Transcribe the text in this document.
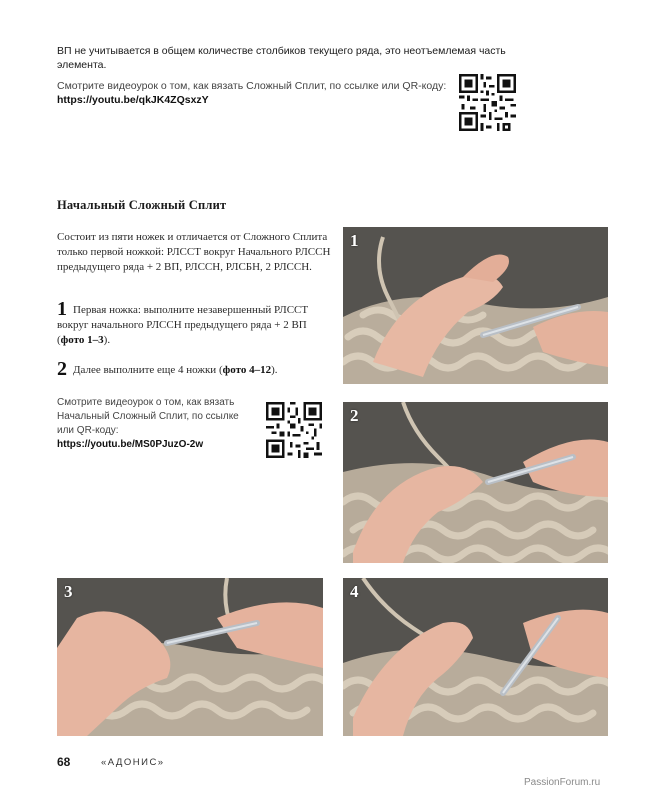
ВП не учитывается в общем количестве столбиков текущего ряда, это неотъемлемая часть элемента.

Смотрите видеоурок о том, как вязать Сложный Сплит, по ссылке или QR-коду:
https://youtu.be/qkJK4ZQsxzY
Начальный Сложный Сплит

Состоит из пяти ножек и отличается от Сложного Сплита только первой ножкой: РЛССТ вокруг Начального РЛССН предыдущего ряда + 2 ВП, РЛССН, РЛСБН, 2 РЛССН.

1 Первая ножка: выполните незавершенный РЛССТ вокруг начального РЛССН предыдущего ряда + 2 ВП (фото 1–3).

2 Далее выполните еще 4 ножки (фото 4–12).

Смотрите видеоурок о том, как вязать Начальный Сложный Сплит, по ссылке или QR-коду:
https://youtu.be/MS0PJuzO-2w
1
2
3	4
68	«АДОНИС»
PassionForum.ru
